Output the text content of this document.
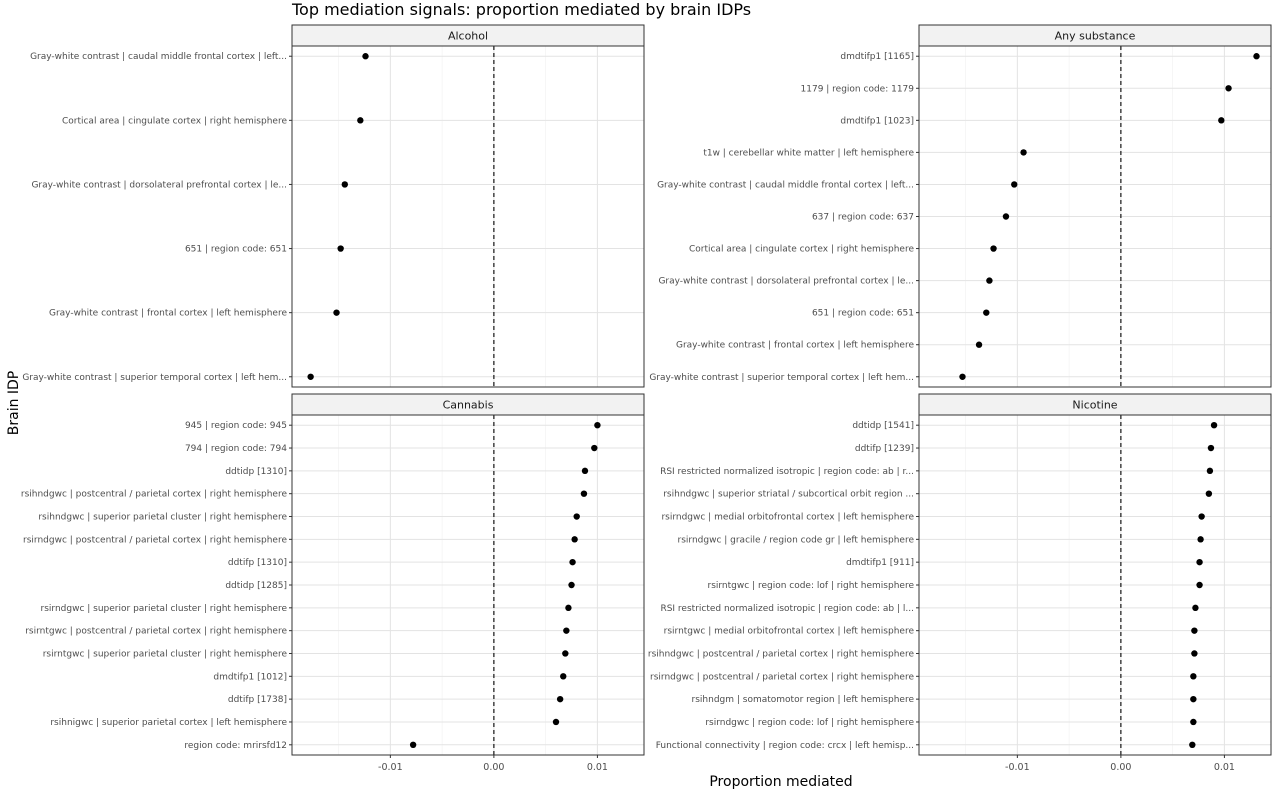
Top mediation signals: proportion mediated by brain IDPs
Proportion mediated
Brain IDP
Alcohol
Gray-white contrast | caudal middle frontal cortex | left...
Cortical area | cingulate cortex | right hemisphere
Gray-white contrast | dorsolateral prefrontal cortex | le...
651 | region code: 651
Gray-white contrast | frontal cortex | left hemisphere
Gray-white contrast | superior temporal cortex | left hem...
Any substance
dmdtifp1 [1165]
1179 | region code: 1179
dmdtifp1 [1023]
t1w | cerebellar white matter | left hemisphere
Gray-white contrast | caudal middle frontal cortex | left...
637 | region code: 637
Cortical area | cingulate cortex | right hemisphere
Gray-white contrast | dorsolateral prefrontal cortex | le...
651 | region code: 651
Gray-white contrast | frontal cortex | left hemisphere
Gray-white contrast | superior temporal cortex | left hem...
Cannabis
945 | region code: 945
794 | region code: 794
ddtidp [1310]
rsihndgwc | postcentral / parietal cortex | right hemisphere
rsihndgwc | superior parietal cluster | right hemisphere
rsirndgwc | postcentral / parietal cortex | right hemisphere
ddtifp [1310]
ddtidp [1285]
rsirndgwc | superior parietal cluster | right hemisphere
rsirntgwc | postcentral / parietal cortex | right hemisphere
rsirntgwc | superior parietal cluster | right hemisphere
dmdtifp1 [1012]
ddtifp [1738]
rsihnigwc | superior parietal cortex | left hemisphere
region code: mrirsfd12
-0.01	0.00	0.01
Nicotine
ddtidp [1541]
ddtifp [1239]
RSI restricted normalized isotropic | region code: ab | r...
rsihndgwc | superior striatal / subcortical orbit region ...
rsirndgwc | medial orbitofrontal cortex | left hemisphere
rsirndgwc | gracile / region code gr | left hemisphere
dmdtifp1 [911]
rsirntgwc | region code: lof | right hemisphere
RSI restricted normalized isotropic | region code: ab | l...
rsirntgwc | medial orbitofrontal cortex | left hemisphere
rsihndgwc | postcentral / parietal cortex | right hemisphere
rsirndgwc | postcentral / parietal cortex | right hemisphere
rsihndgm | somatomotor region | left hemisphere
rsirndgwc | region code: lof | right hemisphere
Functional connectivity | region code: crcx | left hemisp...
-0.01	0.00	0.01
